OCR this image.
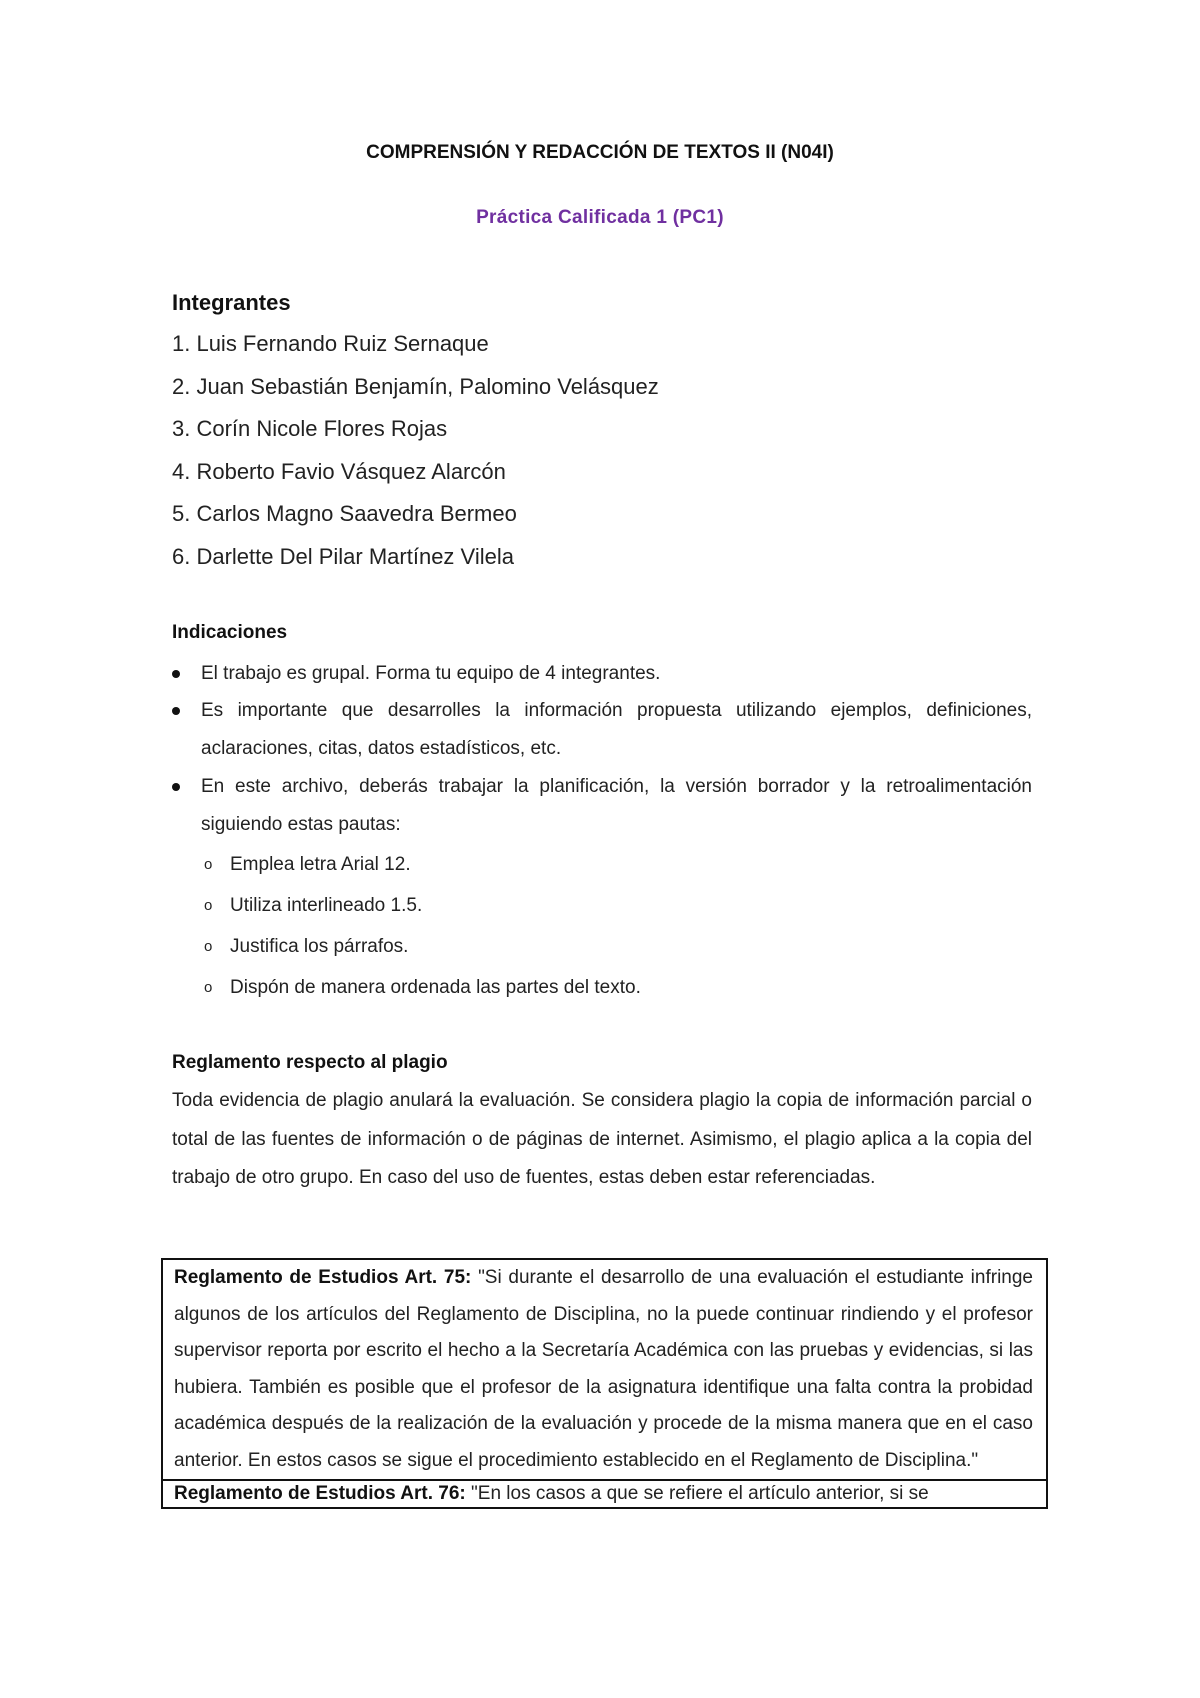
COMPRENSIÓN Y REDACCIÓN DE TEXTOS II (N04I)
Práctica Calificada 1 (PC1)
Integrantes
1. Luis Fernando Ruiz Sernaque
2. Juan Sebastián Benjamín, Palomino Velásquez
3. Corín Nicole Flores Rojas
4. Roberto Favio Vásquez Alarcón
5. Carlos Magno Saavedra Bermeo
6. Darlette Del Pilar Martínez Vilela
Indicaciones
El trabajo es grupal. Forma tu equipo de 4 integrantes.
Es importante que desarrolles la información propuesta utilizando ejemplos, definiciones, aclaraciones, citas, datos estadísticos, etc.
En este archivo, deberás trabajar la planificación, la versión borrador y la retroalimentación siguiendo estas pautas:
o Emplea letra Arial 12.
o Utiliza interlineado 1.5.
o Justifica los párrafos.
o Dispón de manera ordenada las partes del texto.
Reglamento respecto al plagio

Toda evidencia de plagio anulará la evaluación. Se considera plagio la copia de información parcial o total de las fuentes de información o de páginas de internet. Asimismo, el plagio aplica a la copia del trabajo de otro grupo. En caso del uso de fuentes, estas deben estar referenciadas.

Reglamento de Estudios Art. 75: "Si durante el desarrollo de una evaluación el estudiante infringe algunos de los artículos del Reglamento de Disciplina, no la puede continuar rindiendo y el profesor supervisor reporta por escrito el hecho a la Secretaría Académica con las pruebas y evidencias, si las hubiera. También es posible que el profesor de la asignatura identifique una falta contra la probidad académica después de la realización de la evaluación y procede de la misma manera que en el caso anterior. En estos casos se sigue el procedimiento establecido en el Reglamento de Disciplina."
Reglamento de Estudios Art. 76: "En los casos a que se refiere el artículo anterior, si se
